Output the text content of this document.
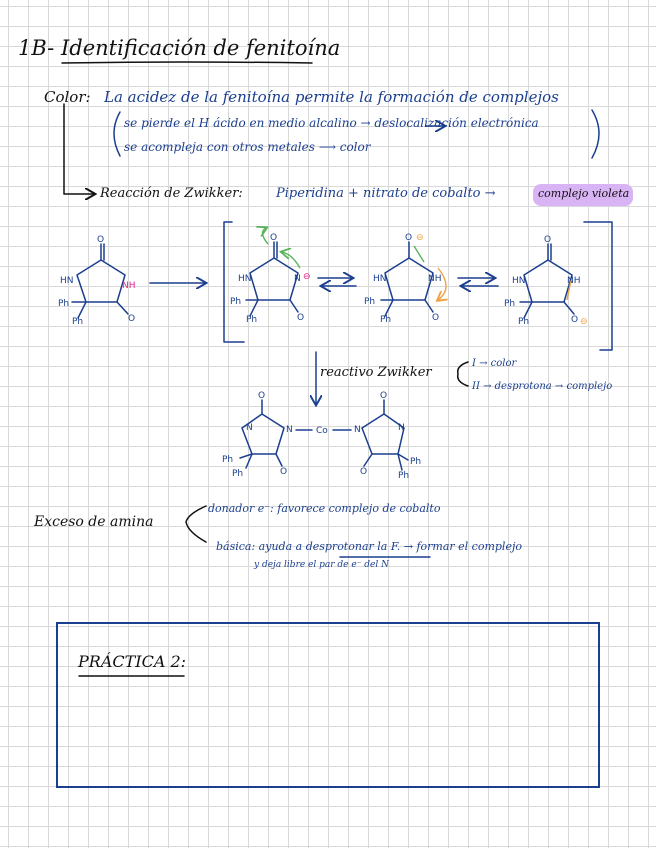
1B- Identificación de fenitoína
Color: La acidez de la fenitoína permite la formación de complejos
se pierde el H ácido en medio alcalino → deslocalización electrónica
se acompleja con otros metales ⟶ color
Reacción de Zwikker:	Piperidina + nitrato de cobalto →	complejo violeta
reactivo Zwikker
I → color
II → desprotona → complejo
Exceso de amina
donador e⁻: favorece complejo de cobalto
básica: ayuda a desprotonar la F. → formar el complejo
y deja libre el par de e⁻ del N
PRÁCTICA 2:
O
HN	NH
O
Ph
Ph
O
HN	N ⊖
O
Ph
Ph
O ⊖
HN	NH
O
Ph
Ph
O
HN	NH
O ⊖
Ph
Ph
O
N	N
O
Ph
Ph
Co
O
N	N
O
Ph
Ph
